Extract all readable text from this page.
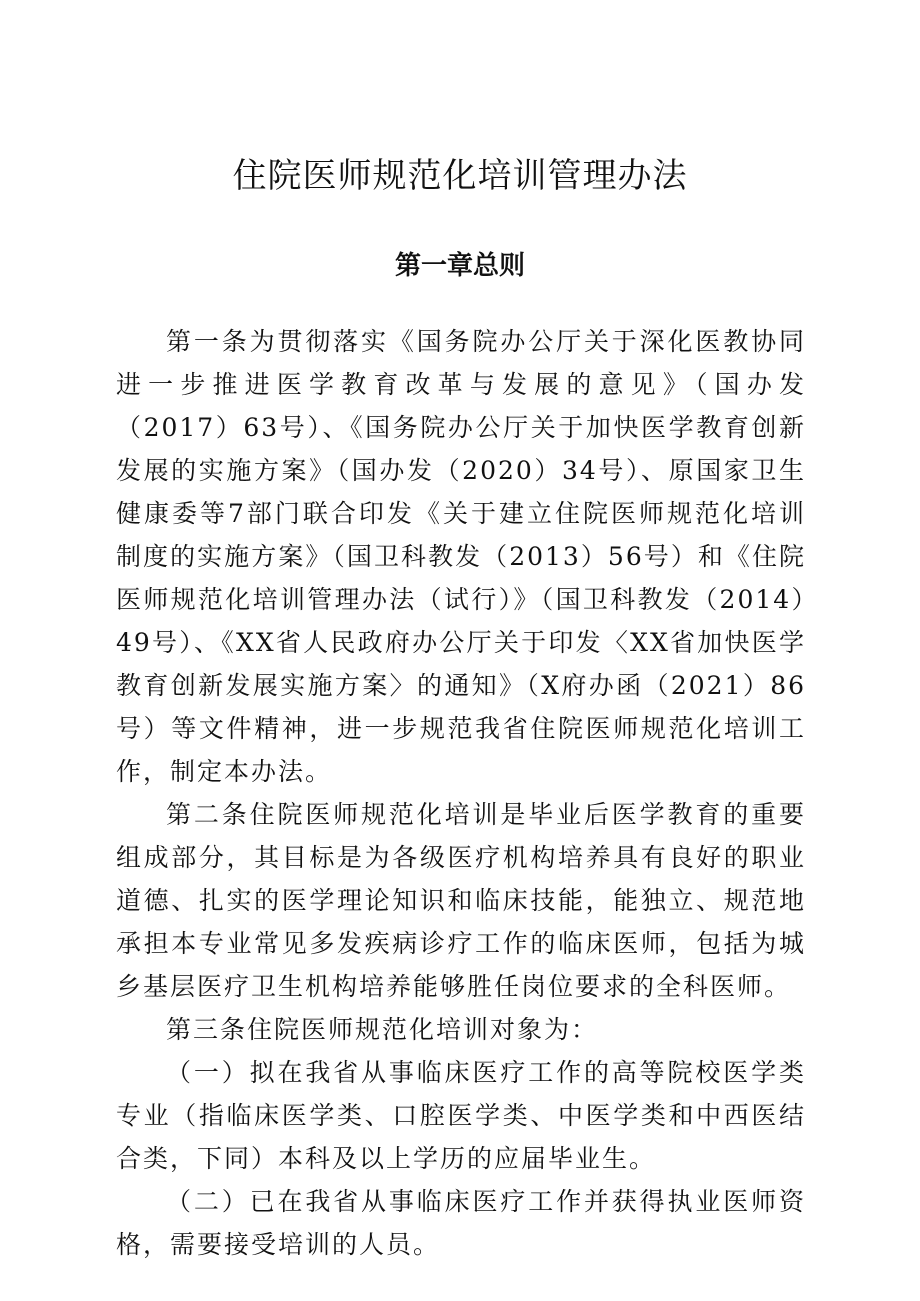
住院医师规范化培训管理办法
第一章总则

第一条为贯彻落实《国务院办公厅关于深化医教协同进一步推进医学教育改革与发展的意见》（国办发（2017）63号）、《国务院办公厅关于加快医学教育创新发展的实施方案》（国办发（2020）34号）、原国家卫生健康委等7部门联合印发《关于建立住院医师规范化培训制度的实施方案》（国卫科教发（2013）56号）和《住院医师规范化培训管理办法（试行）》（国卫科教发（2014）49号）、《XX省人民政府办公厅关于印发〈XX省加快医学教育创新发展实施方案〉的通知》（X府办函（2021）86号）等文件精神，进一步规范我省住院医师规范化培训工作，制定本办法。

第二条住院医师规范化培训是毕业后医学教育的重要组成部分，其目标是为各级医疗机构培养具有良好的职业道德、扎实的医学理论知识和临床技能，能独立、规范地承担本专业常见多发疾病诊疗工作的临床医师，包括为城乡基层医疗卫生机构培养能够胜任岗位要求的全科医师。

第三条住院医师规范化培训对象为：

（一）拟在我省从事临床医疗工作的高等院校医学类专业（指临床医学类、口腔医学类、中医学类和中西医结合类，下同）本科及以上学历的应届毕业生。

（二）已在我省从事临床医疗工作并获得执业医师资格，需要接受培训的人员。
